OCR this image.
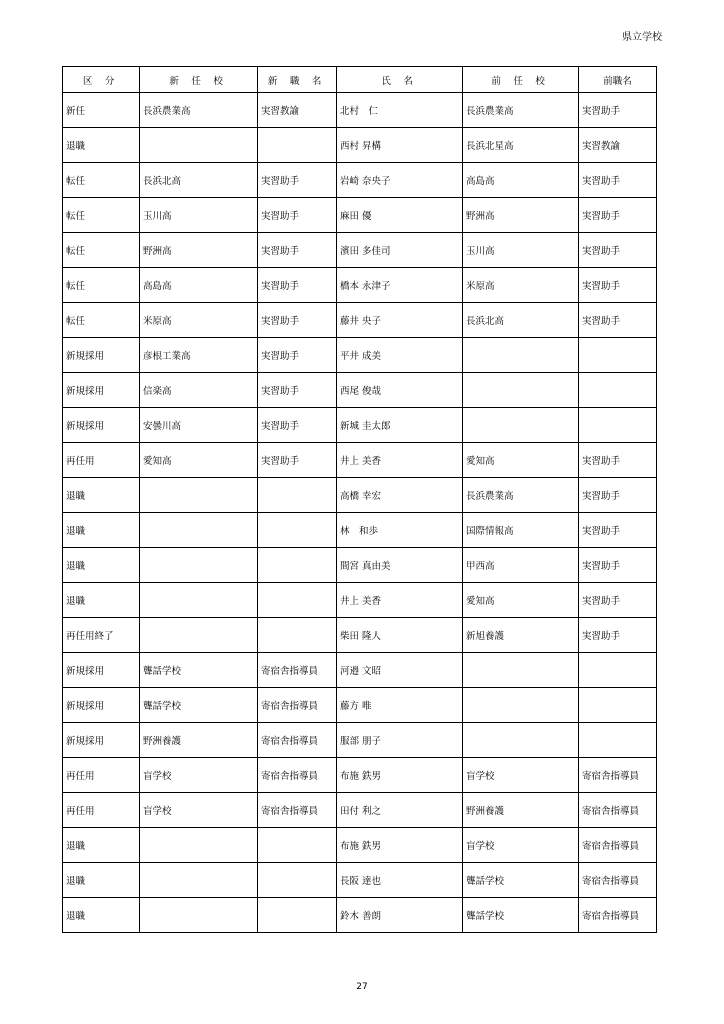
県立学校
区 分	新 任 校	新 職 名	氏 名	前 任 校	前職名
新任	長浜農業高	実習教諭	北村　仁	長浜農業高	実習助手
退職			西村 昇構	長浜北星高	実習教諭
転任	長浜北高	実習助手	岩崎 奈央子	高島高	実習助手
転任	玉川高	実習助手	麻田 優	野洲高	実習助手
転任	野洲高	実習助手	濱田 多佳司	玉川高	実習助手
転任	高島高	実習助手	橋本 永津子	米原高	実習助手
転任	米原高	実習助手	藤井 央子	長浜北高	実習助手
新規採用	彦根工業高	実習助手	平井 成美		
新規採用	信楽高	実習助手	西尾 俊哉		
新規採用	安曇川高	実習助手	新城 圭太郎		
再任用	愛知高	実習助手	井上 美香	愛知高	実習助手
退職			高橋 幸宏	長浜農業高	実習助手
退職			林　和歩	国際情報高	実習助手
退職			間宮 真由美	甲西高	実習助手
退職			井上 美香	愛知高	実習助手
再任用終了			柴田 隆人	新旭養護	実習助手
新規採用	聾話学校	寄宿舎指導員	河邉 文昭		
新規採用	聾話学校	寄宿舎指導員	藤方 唯		
新規採用	野洲養護	寄宿舎指導員	服部 朋子		
再任用	盲学校	寄宿舎指導員	布施 鉄男	盲学校	寄宿舎指導員
再任用	盲学校	寄宿舎指導員	田付 利之	野洲養護	寄宿舎指導員
退職			布施 鉄男	盲学校	寄宿舎指導員
退職			長阪 達也	聾話学校	寄宿舎指導員
退職			鈴木 善朗	聾話学校	寄宿舎指導員
27
